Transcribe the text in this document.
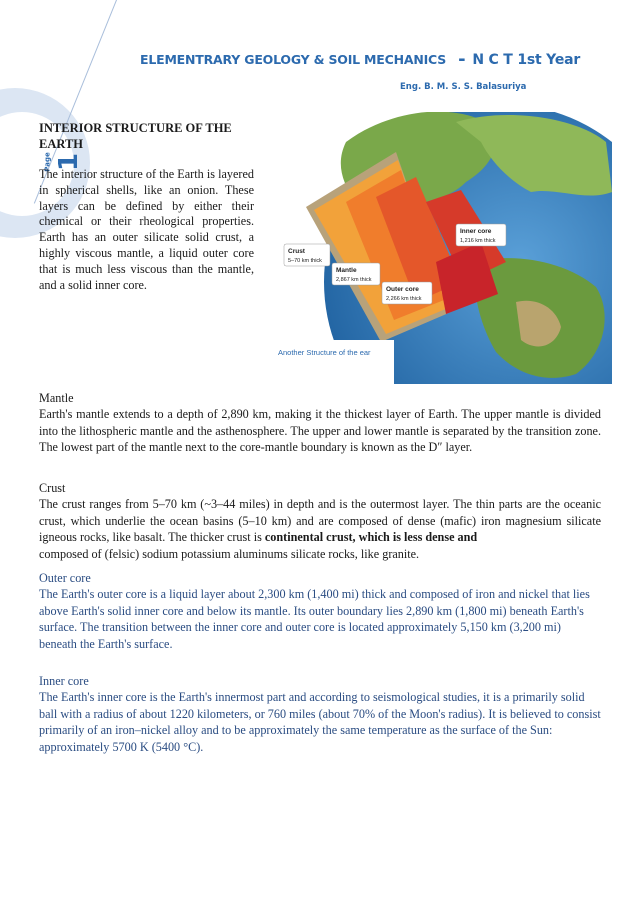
ELEMENTRARY GEOLOGY & SOIL MECHANICS - N C T 1st Year
Eng. B. M. S. S. Balasuriya
Page 1
INTERIOR STRUCTURE OF THE EARTH

The interior structure of the Earth is layered in spherical shells, like an onion. These layers can be defined by either their chemical or their rheological properties. Earth has an outer silicate solid crust, a highly viscous mantle, a liquid outer core that is much less viscous than the mantle, and a solid inner core.

Crust
5–70 km thick
Mantle
2,867 km thick
Outer core
2,266 km thick
Inner core
1,216 km thick
Another Structure of the ear
Mantle

Earth's mantle extends to a depth of 2,890 km, making it the thickest layer of Earth. The upper mantle is divided into the lithospheric mantle and the asthenosphere. The upper and lower mantle is separated by the transition zone. The lowest part of the mantle next to the core-mantle boundary is known as the D″ layer.

Crust

The crust ranges from 5–70 km (~3–44 miles) in depth and is the outermost layer. The thin parts are the oceanic crust, which underlie the ocean basins (5–10 km) and are composed of dense (mafic) iron magnesium silicate igneous rocks, like basalt. The thicker crust is continental crust, which is less dense and

composed of (felsic) sodium potassium aluminums silicate rocks, like granite.

Outer core

The Earth's outer core is a liquid layer about 2,300 km (1,400 mi) thick and composed of iron and nickel that lies above Earth's solid inner core and below its mantle. Its outer boundary lies 2,890 km (1,800 mi) beneath Earth's surface. The transition between the inner core and outer core is located approximately 5,150 km (3,200 mi) beneath the Earth's surface.

Inner core

The Earth's inner core is the Earth's innermost part and according to seismological studies, it is a primarily solid ball with a radius of about 1220 kilometers, or 760 miles (about 70% of the Moon's radius). It is believed to consist primarily of an iron–nickel alloy and to be approximately the same temperature as the surface of the Sun: approximately 5700 K (5400 °C).
